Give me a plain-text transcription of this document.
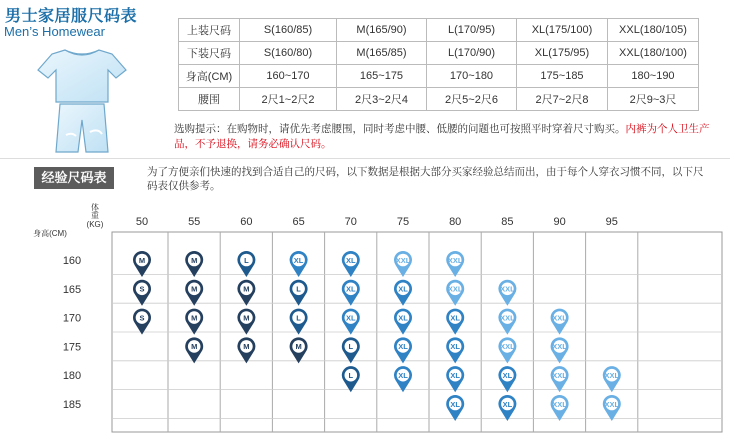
男士家居服尺码表
Men’s Homewear	上装尺码	S(160/85)	M(165/90)	L(170/95)	XL(175/100)	XXL(180/105)
下装尺码	S(160/80)	M(165/85)	L(170/90)	XL(175/95)	XXL(180/100)
身高(CM)	160~170	165~175	170~180	175~185	180~190
腰围	2尺1~2尺2	2尺3~2尺4	2尺5~2尺6	2尺7~2尺8	2尺9~3尺
选购提示：在购物时，请优先考虑腰围，同时考虑中腰、低腰的问题也可按照平时穿着尺寸购买。内裤为个人卫生产品，不予退换，请务必确认尺码。
经验尺码表	为了方便亲们快速的找到合适自己的尺码，以下数据是根据大部分买家经验总结而出，由于每个人穿衣习惯不同，以下尺码表仅供参考。
体
重
(KG)
身高(CM)
50	55	60	65	70	75	80	85	90	95
160
165
170
175
180
185
M
S
S
M
M
M
M
L
M
M
M
XL
L
L
M
XL
XL
XL
L
L
XXL
XL
XL
XL
XL
XXL
XXL
XL
XL
XL
XL
XXL
XXL
XXL
XL
XL
XXL
XXL
XXL
XXL
XXL
XXL
